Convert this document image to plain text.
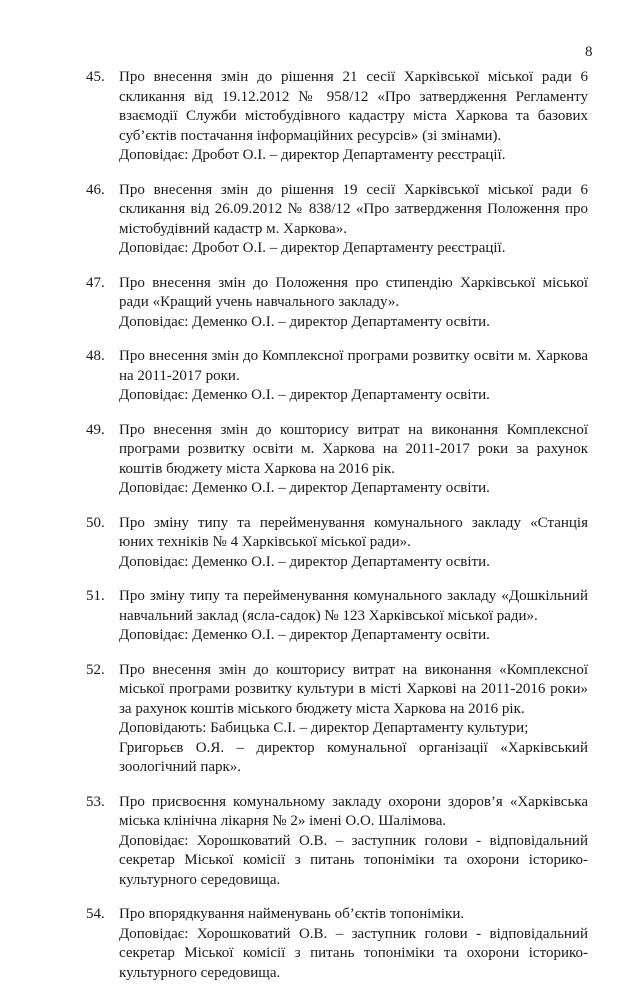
8
45. Про внесення змін до рішення 21 сесії Харківської міської ради 6 скликання від 19.12.2012 № 958/12 «Про затвердження Регламенту взаємодії Служби містобудівного кадастру міста Харкова та базових суб’єктів постачання інформаційних ресурсів» (зі змінами).

Доповідає: Дробот О.І. – директор Департаменту реєстрації.

46. Про внесення змін до рішення 19 сесії Харківської міської ради 6 скликання від 26.09.2012 № 838/12 «Про затвердження Положення про містобудівний кадастр м. Харкова».

Доповідає: Дробот О.І. – директор Департаменту реєстрації.

47. Про внесення змін до Положення про стипендію Харківської міської ради «Кращий учень навчального закладу».

Доповідає: Деменко О.І. – директор Департаменту освіти.

48. Про внесення змін до Комплексної програми розвитку освіти м. Харкова на 2011-2017 роки.

Доповідає: Деменко О.І. – директор Департаменту освіти.

49. Про внесення змін до кошторису витрат на виконання Комплексної програми розвитку освіти м. Харкова на 2011-2017 роки за рахунок коштів бюджету міста Харкова на 2016 рік.

Доповідає: Деменко О.І. – директор Департаменту освіти.

50. Про зміну типу та перейменування комунального закладу «Станція юних техніків № 4 Харківської міської ради».

Доповідає: Деменко О.І. – директор Департаменту освіти.

51. Про зміну типу та перейменування комунального закладу «Дошкільний навчальний заклад (ясла-садок) № 123 Харківської міської ради».

Доповідає: Деменко О.І. – директор Департаменту освіти.

52. Про внесення змін до кошторису витрат на виконання «Комплексної міської програми розвитку культури в місті Харкові на 2011-2016 роки» за рахунок коштів міського бюджету міста Харкова на 2016 рік.

Доповідають: Бабицька С.І. – директор Департаменту культури;

Григорьєв О.Я. – директор комунальної організації «Харківський зоологічний парк».

53. Про присвоєння комунальному закладу охорони здоров’я «Харківська міська клінічна лікарня № 2» імені О.О. Шалімова.

Доповідає: Хорошковатий О.В. – заступник голови - відповідальний секретар Міської комісії з питань топоніміки та охорони історико-культурного середовища.

54. Про впорядкування найменувань об’єктів топоніміки.

Доповідає: Хорошковатий О.В. – заступник голови - відповідальний секретар Міської комісії з питань топоніміки та охорони історико-культурного середовища.
